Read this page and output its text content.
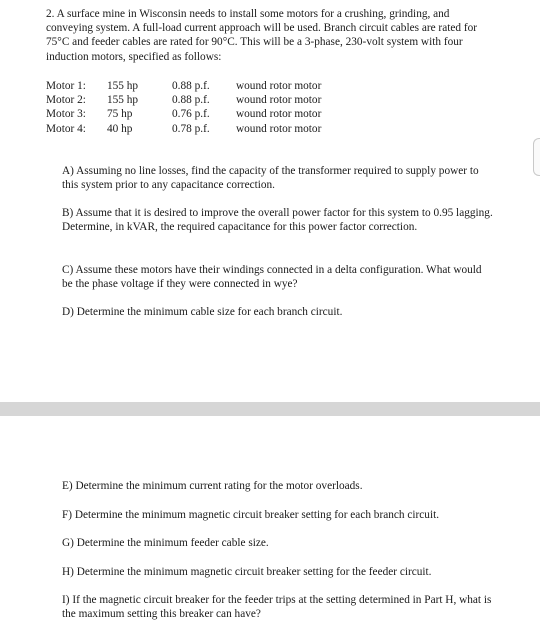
2. A surface mine in Wisconsin needs to install some motors for a crushing, grinding, and conveying system. A full-load current approach will be used. Branch circuit cables are rated for 75°C and feeder cables are rated for 90°C. This will be a 3-phase, 230-volt system with four induction motors, specified as follows:

Motor 1:	155 hp	0.88 p.f.	wound rotor motor
Motor 2:	155 hp	0.88 p.f.	wound rotor motor
Motor 3:	75 hp	0.76 p.f.	wound rotor motor
Motor 4:	40 hp	0.78 p.f.	wound rotor motor

A) Assuming no line losses, find the capacity of the transformer required to supply power to this system prior to any capacitance correction.

B) Assume that it is desired to improve the overall power factor for this system to 0.95 lagging. Determine, in kVAR, the required capacitance for this power factor correction.

C) Assume these motors have their windings connected in a delta configuration. What would be the phase voltage if they were connected in wye?

D) Determine the minimum cable size for each branch circuit.

E) Determine the minimum current rating for the motor overloads.

F) Determine the minimum magnetic circuit breaker setting for each branch circuit.

G) Determine the minimum feeder cable size.

H) Determine the minimum magnetic circuit breaker setting for the feeder circuit.

I) If the magnetic circuit breaker for the feeder trips at the setting determined in Part H, what is the maximum setting this breaker can have?
